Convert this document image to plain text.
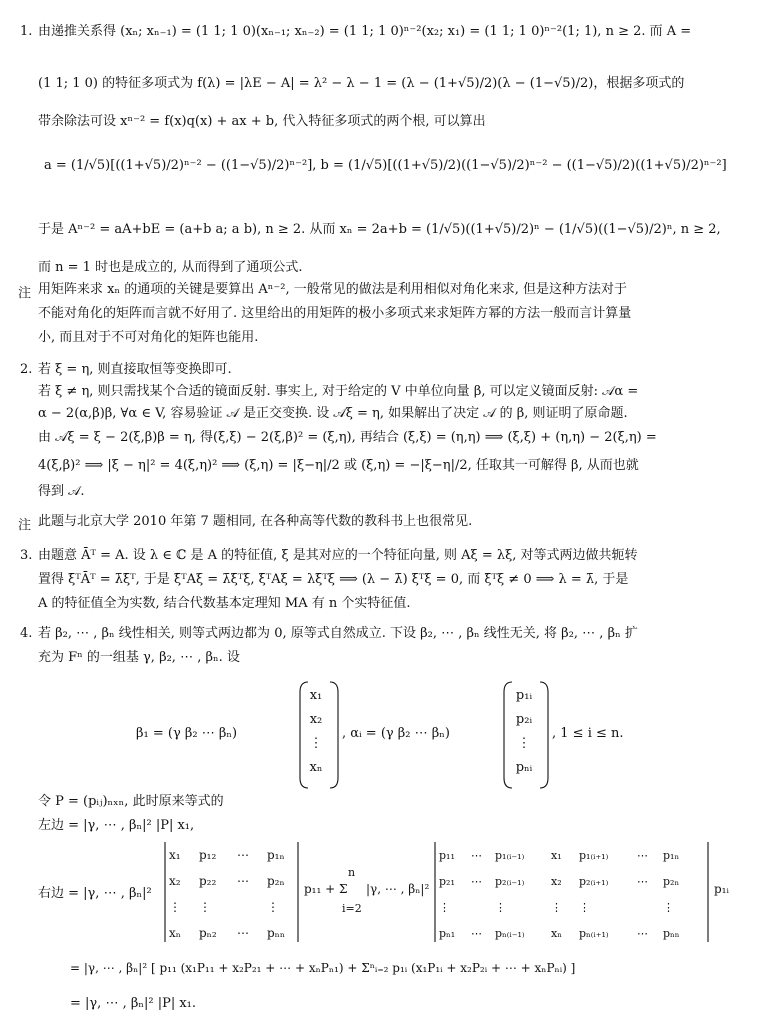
1. 由递推关系得 (xₙ; xₙ₋₁) = (1 1; 1 0)(xₙ₋₁; xₙ₋₂) = (1 1; 1 0)ⁿ⁻²(x₂; x₁) = (1 1; 1 0)ⁿ⁻²(1; 1), n ≥ 2. 而 A =
(1 1; 1 0) 的特征多项式为 f(λ) = |λE − A| = λ² − λ − 1 = (λ − (1+√5)/2)(λ − (1−√5)/2)，根据多项式的
带余除法可设 xⁿ⁻² = f(x)q(x) + ax + b, 代入特征多项式的两个根, 可以算出
a = (1/√5)[((1+√5)/2)ⁿ⁻² − ((1−√5)/2)ⁿ⁻²], b = (1/√5)[((1+√5)/2)((1−√5)/2)ⁿ⁻² − ((1−√5)/2)((1+√5)/2)ⁿ⁻²]
于是 Aⁿ⁻² = aA+bE = (a+b a; a b), n ≥ 2. 从而 xₙ = 2a+b = (1/√5)((1+√5)/2)ⁿ − (1/√5)((1−√5)/2)ⁿ, n ≥ 2,
而 n = 1 时也是成立的, 从而得到了通项公式.
注 用矩阵来求 xₙ 的通项的关键是要算出 Aⁿ⁻², 一般常见的做法是利用相似对角化来求, 但是这种方法对于
不能对角化的矩阵而言就不好用了. 这里给出的用矩阵的极小多项式来求矩阵方幂的方法一般而言计算量
小, 而且对于不可对角化的矩阵也能用.
2. 若 ξ = η, 则直接取恒等变换即可.
若 ξ ≠ η, 则只需找某个合适的镜面反射. 事实上, 对于给定的 V 中单位向量 β, 可以定义镜面反射: 𝒜α =
α − 2(α,β)β, ∀α ∈ V, 容易验证 𝒜 是正交变换. 设 𝒜ξ = η, 如果解出了决定 𝒜 的 β, 则证明了原命题.
由 𝒜ξ = ξ − 2(ξ,β)β = η, 得(ξ,ξ) − 2(ξ,β)² = (ξ,η), 再结合 (ξ,ξ) = (η,η) ⟹ (ξ,ξ) + (η,η) − 2(ξ,η) =
4(ξ,β)² ⟹ |ξ − η|² = 4(ξ,η)² ⟹ (ξ,η) = |ξ−η|/2 或 (ξ,η) = −|ξ−η|/2, 任取其一可解得 β, 从而也就
得到 𝒜.
注 此题与北京大学 2010 年第 7 题相同, 在各种高等代数的教科书上也很常见.
3. 由题意 Āᵀ = A. 设 λ ∈ ℂ 是 A 的特征值, ξ 是其对应的一个特征向量, 则 Aξ = λξ, 对等式两边做共轭转
置得 ξ̄ᵀĀᵀ = λ̄ξ̄ᵀ, 于是 ξ̄ᵀAξ = λ̄ξ̄ᵀξ, ξ̄ᵀAξ = λξ̄ᵀξ ⟹ (λ − λ̄) ξ̄ᵀξ = 0, 而 ξ̄ᵀξ ≠ 0 ⟹ λ = λ̄, 于是
A 的特征值全为实数, 结合代数基本定理知 MA 有 n 个实特征值.
4. 若 β₂, ⋯ , βₙ 线性相关, 则等式两边都为 0, 原等式自然成立. 下设 β₂, ⋯ , βₙ 线性无关, 将 β₂, ⋯ , βₙ 扩
充为 Fⁿ 的一组基 γ, β₂, ⋯ , βₙ. 设
β₁ = (γ β₂ ⋯ βₙ)
x₁
x₂
⋮
xₙ
, αᵢ = (γ β₂ ⋯ βₙ)
p₁ᵢ
p₂ᵢ
⋮
pₙᵢ
, 1 ≤ i ≤ n.
令 P = (pᵢⱼ)ₙₓₙ, 此时原来等式的
左边 = |γ, ⋯ , βₙ|² |P| x₁,
右边 = |γ, ⋯ , βₙ|²
x₁	p₁₂	⋯	p₁ₙ
x₂	p₂₂	⋯	p₂ₙ
⋮	⋮		⋮
xₙ	pₙ₂	⋯	pₙₙ
p₁₁ + Σ
n
i=2
|γ, ⋯ , βₙ|²
p₁₁	⋯	p₁₍ᵢ₋₁₎	x₁	p₁₍ᵢ₊₁₎	⋯	p₁ₙ
p₂₁	⋯	p₂₍ᵢ₋₁₎	x₂	p₂₍ᵢ₊₁₎	⋯	p₂ₙ
⋮		⋮	⋮	⋮		⋮
pₙ₁	⋯	pₙ₍ᵢ₋₁₎	xₙ	pₙ₍ᵢ₊₁₎	⋯	pₙₙ
p₁ᵢ
= |γ, ⋯ , βₙ|² [ p₁₁ (x₁P₁₁ + x₂P₂₁ + ⋯ + xₙPₙ₁) + Σⁿᵢ₌₂ p₁ᵢ (x₁P₁ᵢ + x₂P₂ᵢ + ⋯ + xₙPₙᵢ) ]
= |γ, ⋯ , βₙ|² |P| x₁.
